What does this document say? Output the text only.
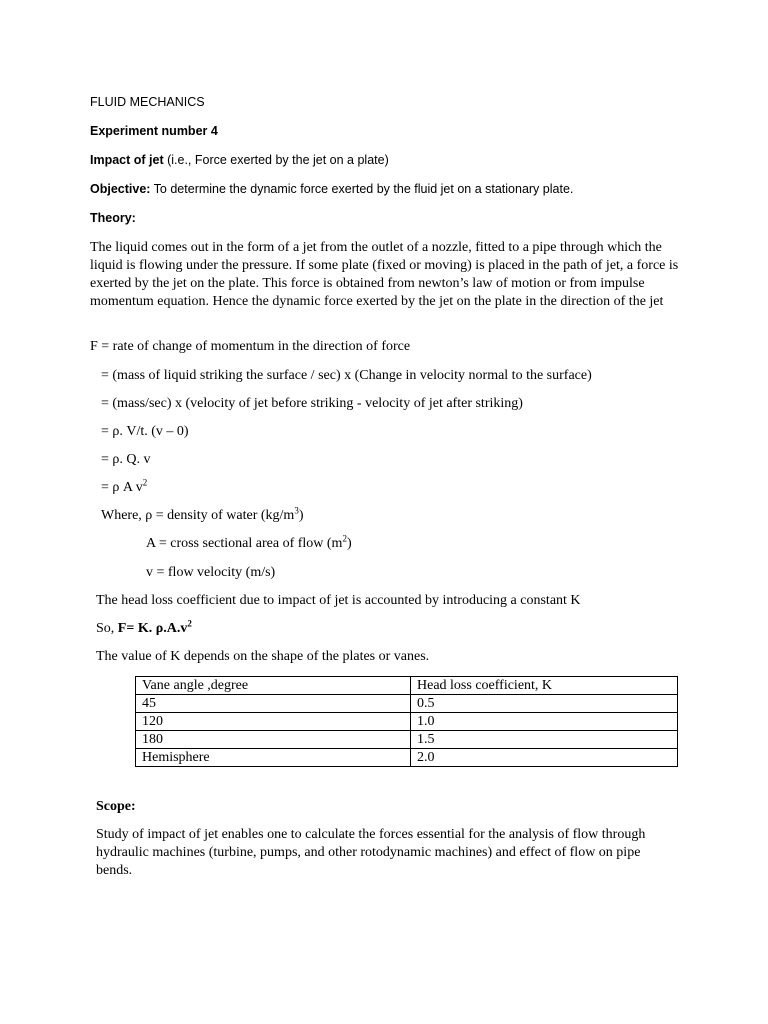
FLUID MECHANICS
Experiment number 4
Impact of jet (i.e., Force exerted by the jet on a plate)
Objective: To determine the dynamic force exerted by the fluid jet on a stationary plate.
Theory:
The liquid comes out in the form of a jet from the outlet of a nozzle, fitted to a pipe through which the liquid is flowing under the pressure. If some plate (fixed or moving) is placed in the path of jet, a force is exerted by the jet on the plate. This force is obtained from newton’s law of motion or from impulse momentum equation. Hence the dynamic force exerted by the jet on the plate in the direction of the jet
F = rate of change of momentum in the direction of force
= (mass of liquid striking the surface / sec) x (Change in velocity normal to the surface)
= (mass/sec) x (velocity of jet before striking - velocity of jet after striking)
= ρ. V/t. (v – 0)
= ρ. Q. v
= ρ A $v^2$
Where, ρ = density of water $(kg/m^3)$
A = cross sectional area of flow $(m^2)$
v = flow velocity (m/s)
The head loss coefficient due to impact of jet is accounted by introducing a constant K
So, F= K. $\rho.A.v^2$
The value of K depends on the shape of the plates or vanes.
Vane angle ,degree	Head loss coefficient, K
45	0.5
120	1.0
180	1.5
Hemisphere	2.0
Scope:
Study of impact of jet enables one to calculate the forces essential for the analysis of flow through hydraulic machines (turbine, pumps, and other rotodynamic machines) and effect of flow on pipe bends.
